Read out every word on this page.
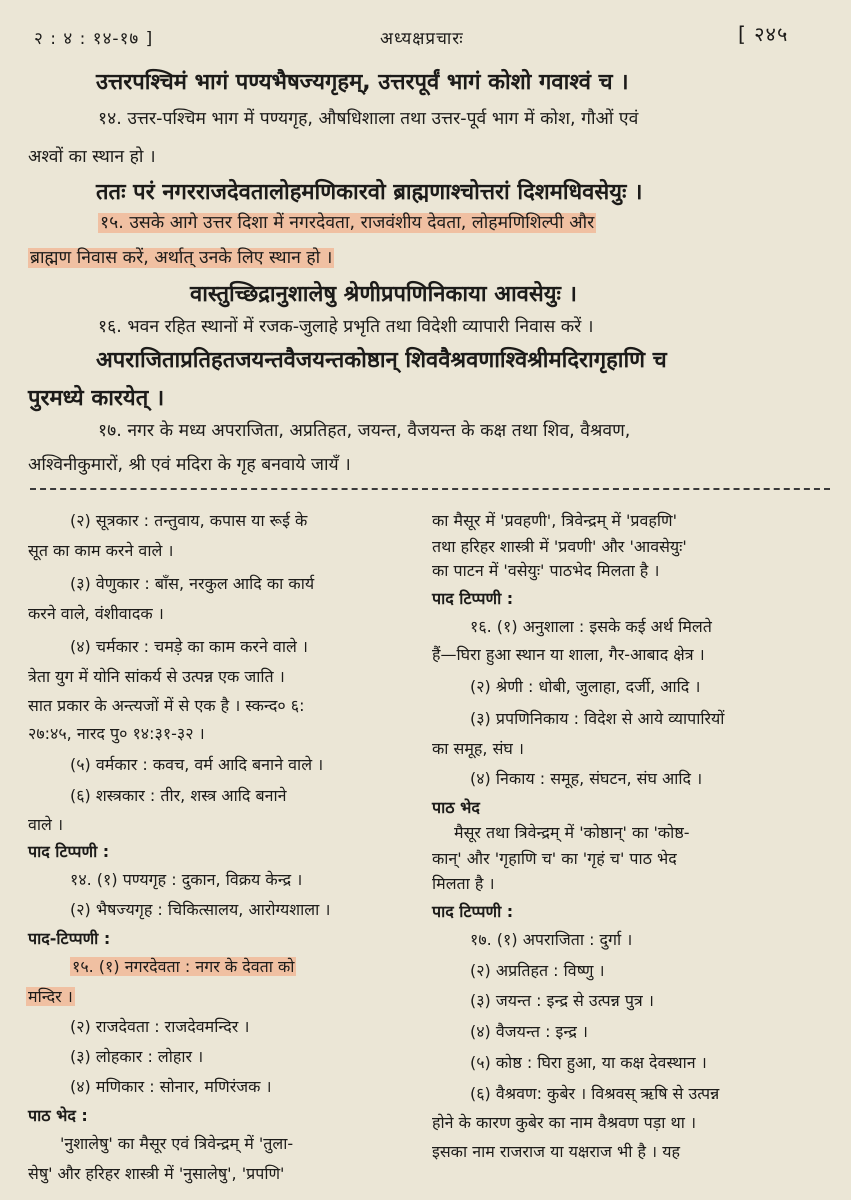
२ : ४ : १४-१७ ]	अध्यक्षप्रचारः	[ २४५
उत्तरपश्चिमं भागं पण्यभैषज्यगृहम्, उत्तरपूर्वं भागं कोशो गवाश्वं च ।
१४. उत्तर-पश्चिम भाग में पण्यगृह, औषधिशाला तथा उत्तर-पूर्व भाग में कोश, गौओं एवं
अश्वों का स्थान हो ।
ततः परं नगरराजदेवतालोहमणिकारवो ब्राह्मणाश्चोत्तरां दिशमधिवसेयुः ।
१५. उसके आगे उत्तर दिशा में नगरदेवता, राजवंशीय देवता, लोहमणिशिल्पी और
ब्राह्मण निवास करें, अर्थात् उनके लिए स्थान हो ।
वास्तुच्छिद्रानुशालेषु श्रेणीप्रपणिनिकाया आवसेयुः ।
१६. भवन रहित स्थानों में रजक-जुलाहे प्रभृति तथा विदेशी व्यापारी निवास करें ।
अपराजिताप्रतिहतजयन्तवैजयन्तकोष्ठान् शिववैश्रवणाश्विश्रीमदिरागृहाणि च
पुरमध्ये कारयेत् ।
१७. नगर के मध्य अपराजिता, अप्रतिहत, जयन्त, वैजयन्त के कक्ष तथा शिव, वैश्रवण,
अश्विनीकुमारों, श्री एवं मदिरा के गृह बनवाये जायँ ।
(२) सूत्रकार : तन्तुवाय, कपास या रूई के
सूत का काम करने वाले ।
(३) वेणुकार : बाँस, नरकुल आदि का कार्य
करने वाले, वंशीवादक ।
(४) चर्मकार : चमड़े का काम करने वाले ।
त्रेता युग में योनि सांकर्य से उत्पन्न एक जाति ।
सात प्रकार के अन्त्यजों में से एक है । स्कन्द० ६:
२७:४५, नारद पु० १४:३१-३२ ।
(५) वर्मकार : कवच, वर्म आदि बनाने वाले ।
(६) शस्त्रकार : तीर, शस्त्र आदि बनाने
वाले ।
पाद टिप्पणी :
१४. (१) पण्यगृह : दुकान, विक्रय केन्द्र ।
(२) भैषज्यगृह : चिकित्सालय, आरोग्यशाला ।
पाद-टिप्पणी :
१५. (१) नगरदेवता : नगर के देवता को
मन्दिर ।
(२) राजदेवता : राजदेवमन्दिर ।
(३) लोहकार : लोहार ।
(४) मणिकार : सोनार, मणिरंजक ।
पाठ भेद :
'नुशालेषु' का मैसूर एवं त्रिवेन्द्रम् में 'तुला-
सेषु' और हरिहर शास्त्री में 'नुसालेषु', 'प्रपणि'
का मैसूर में 'प्रवहणी', त्रिवेन्द्रम् में 'प्रवहणि'
तथा हरिहर शास्त्री में 'प्रवणी' और 'आवसेयुः'
का पाटन में 'वसेयुः' पाठभेद मिलता है ।
पाद टिप्पणी :
१६. (१) अनुशाला : इसके कई अर्थ मिलते
हैं—घिरा हुआ स्थान या शाला, गैर-आबाद क्षेत्र ।
(२) श्रेणी : धोबी, जुलाहा, दर्जी, आदि ।
(३) प्रपणिनिकाय : विदेश से आये व्यापारियों
का समूह, संघ ।
(४) निकाय : समूह, संघटन, संघ आदि ।
पाठ भेद
मैसूर तथा त्रिवेन्द्रम् में 'कोष्ठान्' का 'कोष्ठ-
कान्' और 'गृहाणि च' का 'गृहं च' पाठ भेद
मिलता है ।
पाद टिप्पणी :
१७. (१) अपराजिता : दुर्गा ।
(२) अप्रतिहत : विष्णु ।
(३) जयन्त : इन्द्र से उत्पन्न पुत्र ।
(४) वैजयन्त : इन्द्र ।
(५) कोष्ठ : घिरा हुआ, या कक्ष देवस्थान ।
(६) वैश्रवण: कुबेर । विश्रवस् ऋषि से उत्पन्न
होने के कारण कुबेर का नाम वैश्रवण पड़ा था ।
इसका नाम राजराज या यक्षराज भी है । यह
